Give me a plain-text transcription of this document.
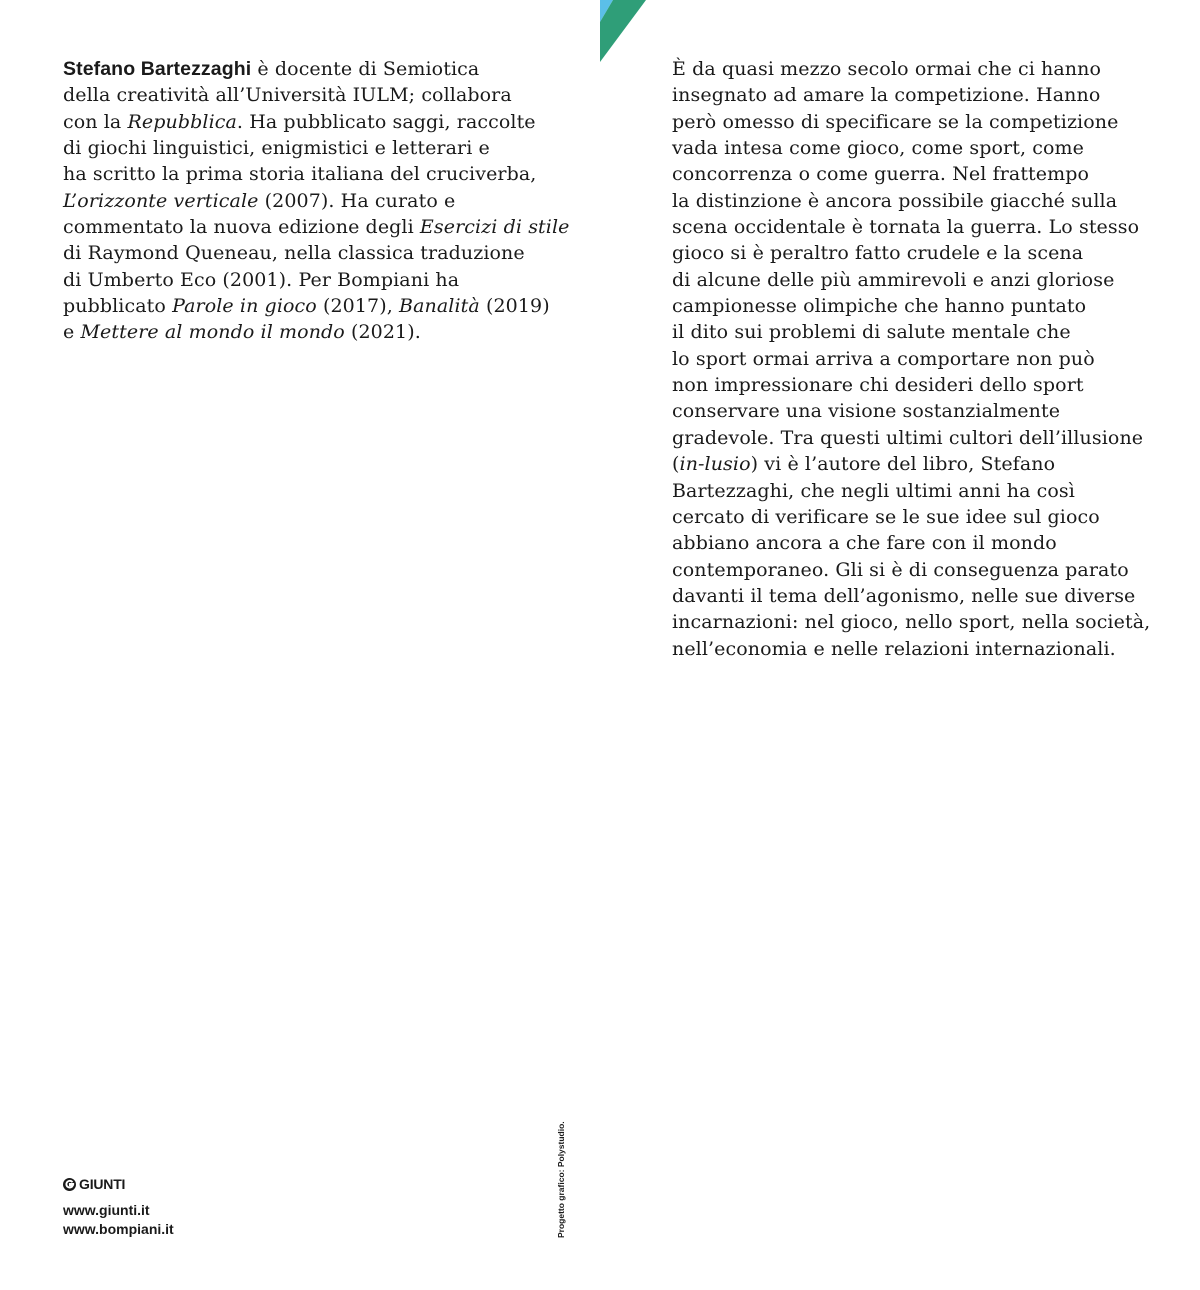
Stefano Bartezzaghi è docente di Semiotica
della creatività all’Università IULM; collabora
con la Repubblica. Ha pubblicato saggi, raccolte
di giochi linguistici, enigmistici e letterari e
ha scritto la prima storia italiana del cruciverba,
L’orizzonte verticale (2007). Ha curato e
commentato la nuova edizione degli Esercizi di stile
di Raymond Queneau, nella classica traduzione
di Umberto Eco (2001). Per Bompiani ha
pubblicato Parole in gioco (2017), Banalità (2019)
e Mettere al mondo il mondo (2021).
È da quasi mezzo secolo ormai che ci hanno
insegnato ad amare la competizione. Hanno
però omesso di specificare se la competizione
vada intesa come gioco, come sport, come
concorrenza o come guerra. Nel frattempo
la distinzione è ancora possibile giacché sulla
scena occidentale è tornata la guerra. Lo stesso
gioco si è peraltro fatto crudele e la scena
di alcune delle più ammirevoli e anzi gloriose
campionesse olimpiche che hanno puntato
il dito sui problemi di salute mentale che
lo sport ormai arriva a comportare non può
non impressionare chi desideri dello sport
conservare una visione sostanzialmente
gradevole. Tra questi ultimi cultori dell’illusione
(in-lusio) vi è l’autore del libro, Stefano
Bartezzaghi, che negli ultimi anni ha così
cercato di verificare se le sue idee sul gioco
abbiano ancora a che fare con il mondo
contemporaneo. Gli si è di conseguenza parato
davanti il tema dell’agonismo, nelle sue diverse
incarnazioni: nel gioco, nello sport, nella società,
nell’economia e nelle relazioni internazionali.
GIUNTI
www.giunti.it
www.bompiani.it	Progetto grafico: Polystudio.
